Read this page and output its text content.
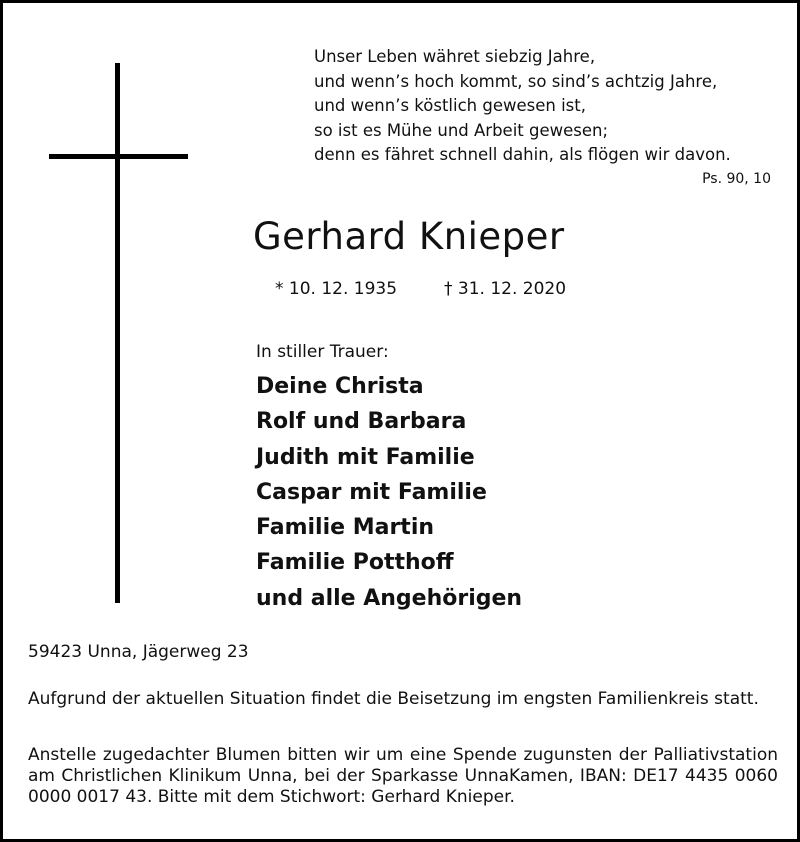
Unser Leben währet siebzig Jahre,
und wenn’s hoch kommt, so sind’s achtzig Jahre,
und wenn’s köstlich gewesen ist,
so ist es Mühe und Arbeit gewesen;
denn es fähret schnell dahin, als flögen wir davon.
Ps. 90, 10
Gerhard Knieper
* 10. 12. 1935	† 31. 12. 2020
In stiller Trauer:
Deine Christa
Rolf und Barbara
Judith mit Familie
Caspar mit Familie
Familie Martin
Familie Potthoff
und alle Angehörigen
59423 Unna, Jägerweg 23
Aufgrund der aktuellen Situation findet die Beisetzung im engsten Familienkreis statt.
Anstelle zugedachter Blumen bitten wir um eine Spende zugunsten der Palliativstation am Christlichen Klinikum Unna, bei der Sparkasse UnnaKamen, IBAN: DE17 4435 0060 0000 0017 43. Bitte mit dem Stichwort: Gerhard Knieper.
